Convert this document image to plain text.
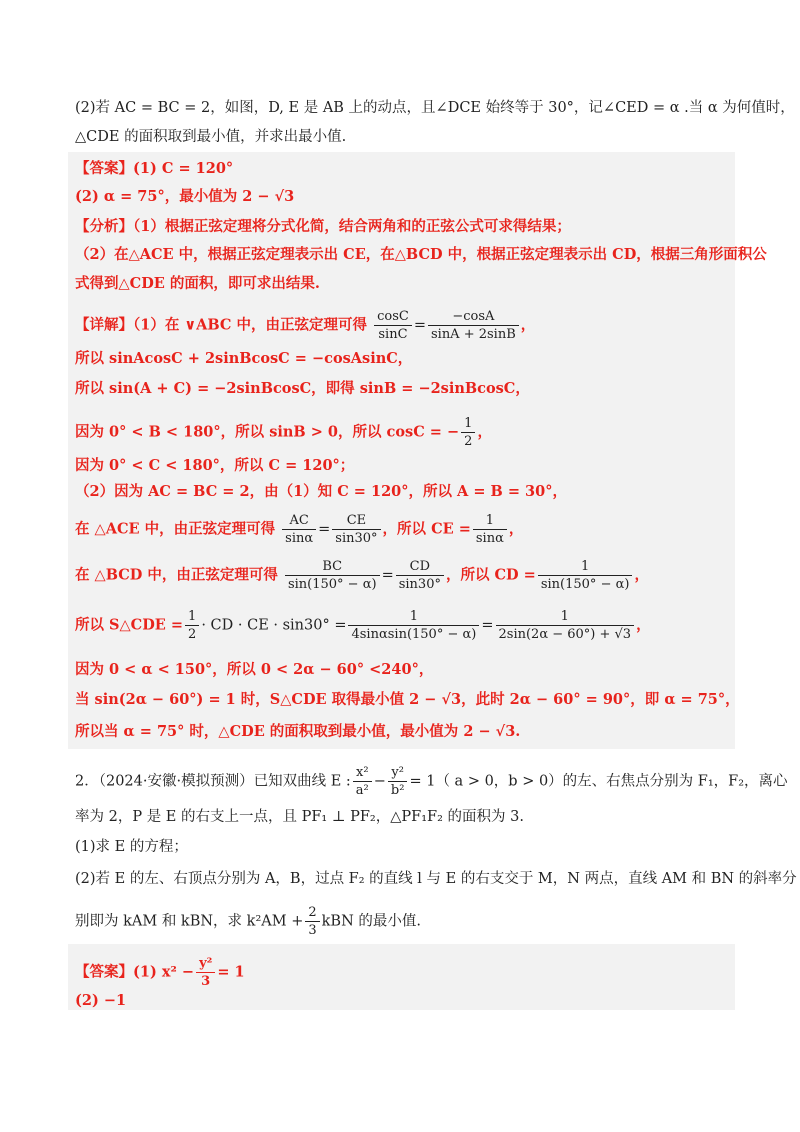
(2)若 AC = BC = 2，如图，D, E 是 AB 上的动点，且∠DCE 始终等于 30°，记∠CED = α .当 α 为何值时，
△CDE 的面积取到最小值，并求出最小值.
【答案】(1) C = 120°
(2) α = 75°，最小值为 2 − √3
【分析】（1）根据正弦定理将分式化简，结合两角和的正弦公式可求得结果；
（2）在△ACE 中，根据正弦定理表示出 CE，在△BCD 中，根据正弦定理表示出 CD，根据三角形面积公
式得到△CDE 的面积，即可求出结果.
【详解】（1）在 ∨ABC 中，由正弦定理可得 $\frac{\cos C}{\sin C} = \frac{-\cos A}{\sin A + 2\sin B}$ ，
所以 sinAcosC + 2sinBcosC = −cosAsinC，
所以 sin(A + C) = −2sinBcosC，即得 sinB = −2sinBcosC，
因为 0° < B < 180°，所以 sinB > 0，所以 cosC = − $\frac{1}{2}$ ，
因为 0° < C < 180°，所以 C = 120°；
（2）因为 AC = BC = 2，由（1）知 C = 120°，所以 A = B = 30°，
在 △ACE 中，由正弦定理可得 $\frac{AC}{\sin\alpha} = \frac{CE}{\sin 30^\circ}$ ，所以 CE = $\frac{1}{\sin\alpha}$ ，
在 △BCD 中，由正弦定理可得 $\frac{BC}{\sin(150^\circ - \alpha)} = \frac{CD}{\sin 30^\circ}$ ，所以 CD = $\frac{1}{\sin(150^\circ - \alpha)}$ ，
所以 S△CDE = $\frac{1}{2}$ · CD · CE · $\sin 30^\circ = \frac{1}{4\sin\alpha\sin(150^\circ - \alpha)} = \frac{1}{2\sin(2\alpha - 60^\circ) + √3}$ ，
因为 0 < α < 150°，所以 0 < 2α − 60° <240°，
当 sin(2α − 60°) = 1 时，S△CDE 取得最小值 2 − √3，此时 2α − 60° = 90°，即 α = 75°，
所以当 α = 75° 时，△CDE 的面积取到最小值，最小值为 2 − √3.
2．（2024·安徽·模拟预测）已知双曲线 E : $\frac{\text{x²}}{\text{a²}} - \frac{\text{y²}}{\text{b²}} = 1$（ a > 0，b > 0）的左、右焦点分别为 F₁，F₂，离心
率为 2，P 是 E 的右支上一点，且 PF₁ ⊥ PF₂，△PF₁F₂ 的面积为 3.
(1)求 E 的方程；
(2)若 E 的左、右顶点分别为 A，B，过点 F₂ 的直线 l 与 E 的右支交于 M，N 两点，直线 AM 和 BN 的斜率分
别即为 kAM 和 kBN，求 $k^2AM + \frac{2}{3}$ kBN 的最小值.
【答案】(1) $x^2 - \frac{\text{y²}}{3} = 1$
(2) −1
